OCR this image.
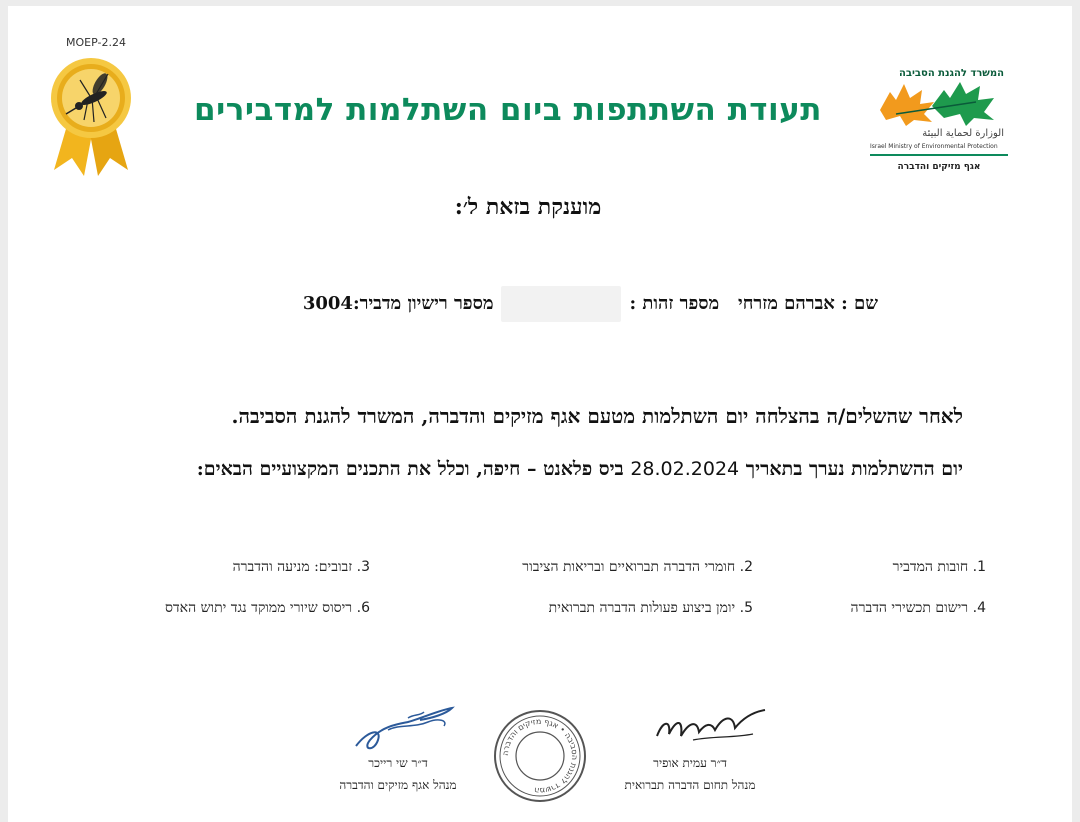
MOEP-2.24
תעודת השתתפות ביום השתלמות למדבירים
המשרד להגנת הסביבה
الوزارة لحماية البيئة
Israel Ministry of Environmental Protection
אגף מזיקים והדברה
מוענקת בזאת ל׳:
שם : אברהם מזרחי   מספר זהות :מספר רישיון מדביר:3004
לאחר שהשלים/ה בהצלחה יום השתלמות מטעם אגף מזיקים והדברה, המשרד להגנת הסביבה.
יום ההשתלמות נערך בתאריך 28.02.2024 ביס פלאנט – חיפה, וכלל את התכנים המקצועיים הבאים:
1. חובות המדביר
2. חומרי הדברה תברואיים ובריאות הציבור
3. זבובים: מניעה והדברה
4. רישום תכשירי הדברה
5. יומן ביצוע פעולות הדברה תברואית
6. ריסוס שיורי ממוקד נגד יתוש האדס
המשרד להגנת הסביבה • אגף מזיקים והדברה
ד״ר שי רייכר
מנהל אגף מזיקים והדברה
ד״ר עמית אופיר
מנהל תחום הדברה תברואית
